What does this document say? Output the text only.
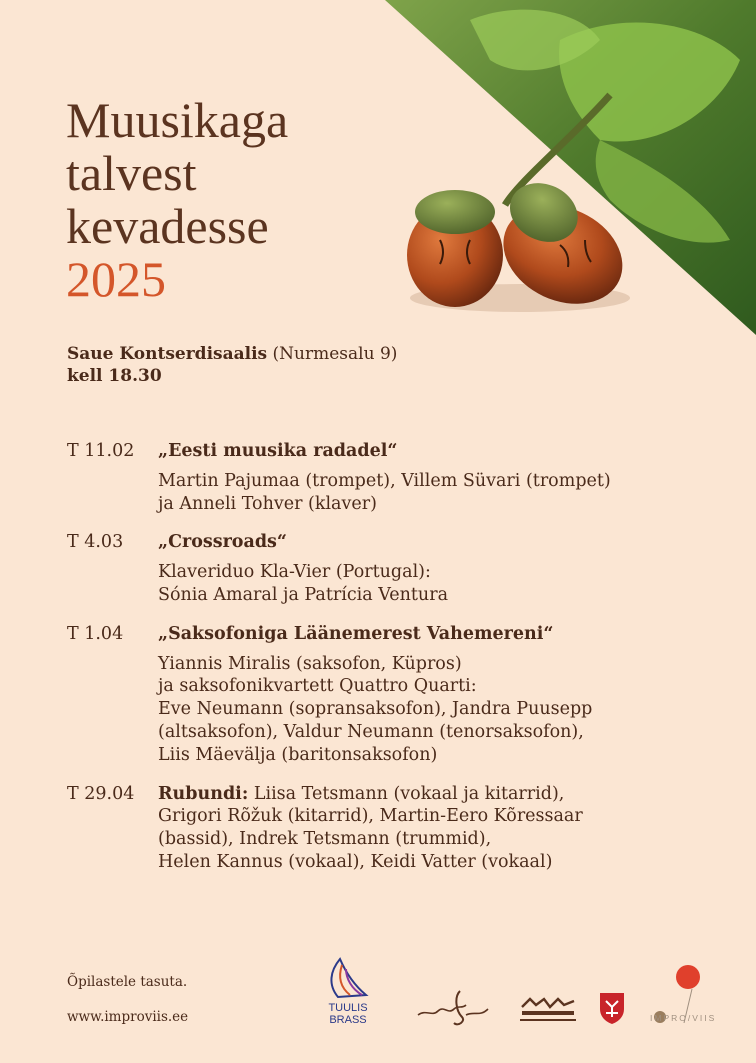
Muusikaga
talvest
kevadesse
2025
Saue Kontserdisaalis (Nurmesalu 9)
kell 18.30
T 11.02	„Eesti muusika radadel“
Martin Pajumaa (trompet), Villem Süvari (trompet)
ja Anneli Tohver (klaver)
T 4.03	„Crossroads“
Klaveriduo Kla-Vier (Portugal):
Sónia Amaral ja Patrícia Ventura
T 1.04	„Saksofoniga Läänemerest Vahemereni“
Yiannis Miralis (saksofon, Küpros)
ja saksofonikvartett Quattro Quarti:
Eve Neumann (sopransaksofon), Jandra Puusepp
(altsaksofon), Valdur Neumann (tenorsaksofon),
Liis Mäevälja (baritonsaksofon)
T 29.04	Rubundi: Liisa Tetsmann (vokaal ja kitarrid),
Grigori Rõžuk (kitarrid), Martin-Eero Kõressaar
(bassid), Indrek Tetsmann (trummid),
Helen Kannus (vokaal), Keidi Vatter (vokaal)
Õpilastele tasuta.
www.improviis.ee
TUULIS
BRASS	IMPRO/VIIS
